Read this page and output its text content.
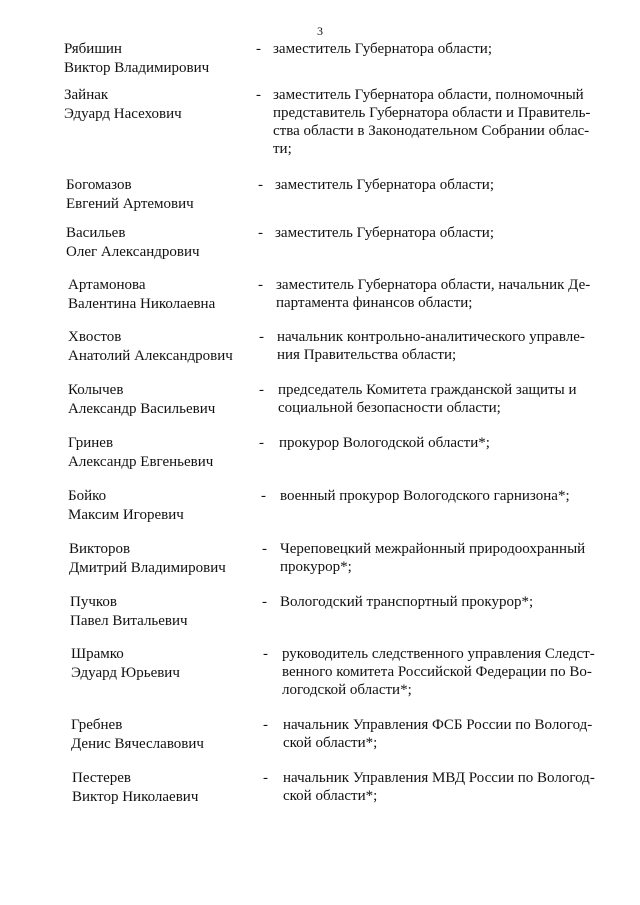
3
Рябишин
Виктор Владимирович
- заместитель Губернатора области;
Зайнак
Эдуард Насехович
- заместитель Губернатора области, полномочный
представитель Губернатора области и Правитель-
ства области в Законодательном Собрании облас-
ти;
Богомазов
Евгений Артемович
- заместитель Губернатора области;
Васильев
Олег Александрович
- заместитель Губернатора области;
Артамонова
Валентина Николаевна
- заместитель Губернатора области, начальник Де-
партамента финансов области;
Хвостов
Анатолий Александрович
- начальник контрольно-аналитического управле-
ния Правительства области;
Колычев
Александр Васильевич
- председатель Комитета гражданской защиты и
социальной безопасности области;
Гринев
Александр Евгеньевич
- прокурор Вологодской области*;
Бойко
Максим Игоревич
- военный прокурор Вологодского гарнизона*;
Викторов
Дмитрий Владимирович
- Череповецкий межрайонный природоохранный
прокурор*;
Пучков
Павел Витальевич
- Вологодский транспортный прокурор*;
Шрамко
Эдуард Юрьевич
- руководитель следственного управления Следст-
венного комитета Российской Федерации по Во-
логодской области*;
Гребнев
Денис Вячеславович
- начальник Управления ФСБ России по Вологод-
ской области*;
Пестерев
Виктор Николаевич
- начальник Управления МВД России по Вологод-
ской области*;
